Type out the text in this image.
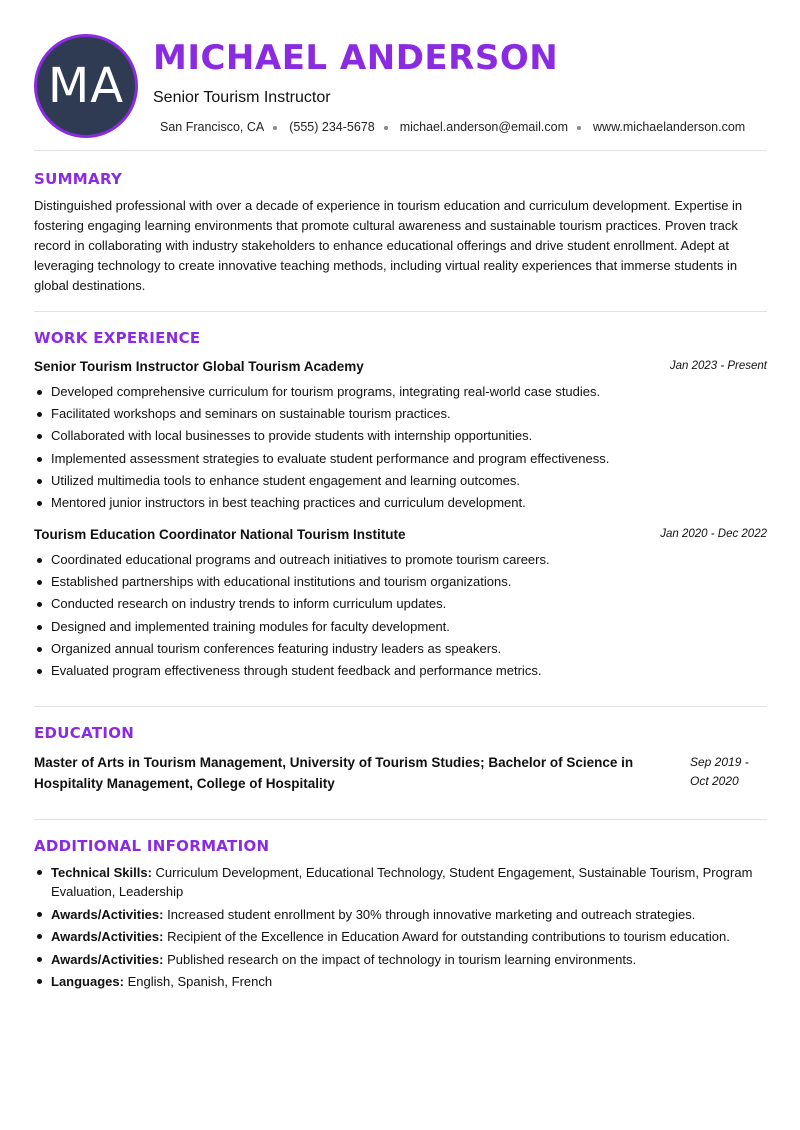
MA MICHAEL ANDERSON
Senior Tourism Instructor
San Francisco, CA (555) 234-5678 michael.anderson@email.com www.michaelanderson.com
SUMMARY
Distinguished professional with over a decade of experience in tourism education and curriculum development. Expertise in fostering engaging learning environments that promote cultural awareness and sustainable tourism practices. Proven track record in collaborating with industry stakeholders to enhance educational offerings and drive student enrollment. Adept at leveraging technology to create innovative teaching methods, including virtual reality experiences that immerse students in global destinations.
WORK EXPERIENCE
Senior Tourism Instructor Global Tourism Academy	Jan 2023 - Present
Developed comprehensive curriculum for tourism programs, integrating real-world case studies.
Facilitated workshops and seminars on sustainable tourism practices.
Collaborated with local businesses to provide students with internship opportunities.
Implemented assessment strategies to evaluate student performance and program effectiveness.
Utilized multimedia tools to enhance student engagement and learning outcomes.
Mentored junior instructors in best teaching practices and curriculum development.
Tourism Education Coordinator National Tourism Institute	Jan 2020 - Dec 2022
Coordinated educational programs and outreach initiatives to promote tourism careers.
Established partnerships with educational institutions and tourism organizations.
Conducted research on industry trends to inform curriculum updates.
Designed and implemented training modules for faculty development.
Organized annual tourism conferences featuring industry leaders as speakers.
Evaluated program effectiveness through student feedback and performance metrics.
EDUCATION
Master of Arts in Tourism Management, University of Tourism Studies; Bachelor of Science in Hospitality Management, College of Hospitality
Sep 2019 - Oct 2020
ADDITIONAL INFORMATION
Technical Skills: Curriculum Development, Educational Technology, Student Engagement, Sustainable Tourism, Program Evaluation, Leadership
Awards/Activities: Increased student enrollment by 30% through innovative marketing and outreach strategies.
Awards/Activities: Recipient of the Excellence in Education Award for outstanding contributions to tourism education.
Awards/Activities: Published research on the impact of technology in tourism learning environments.
Languages: English, Spanish, French
